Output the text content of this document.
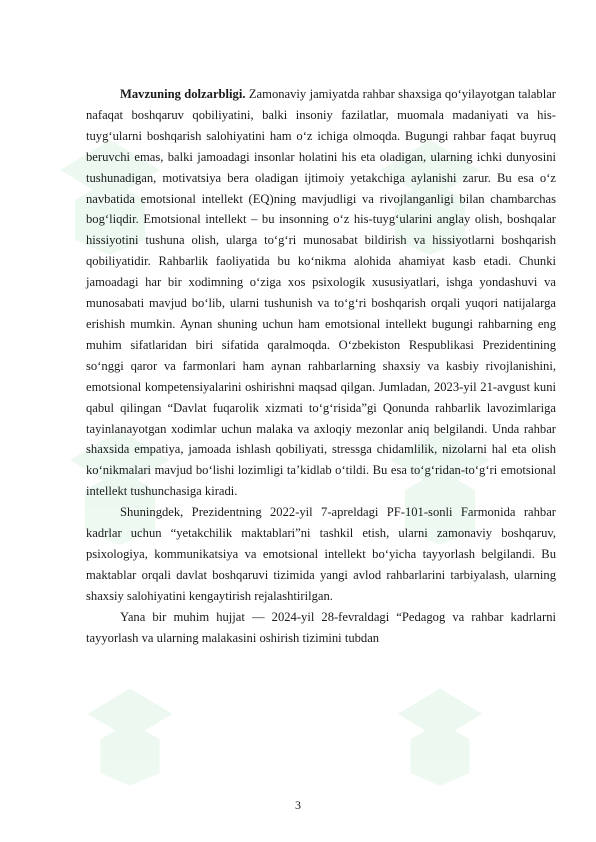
Mavzuning dolzarbligi. Zamonaviy jamiyatda rahbar shaxsiga qo‘yilayotgan talablar nafaqat boshqaruv qobiliyatini, balki insoniy fazilatlar, muomala madaniyati va his-tuyg‘ularni boshqarish salohiyatini ham o‘z ichiga olmoqda. Bugungi rahbar faqat buyruq beruvchi emas, balki jamoadagi insonlar holatini his eta oladigan, ularning ichki dunyosini tushunadigan, motivatsiya bera oladigan ijtimoiy yetakchiga aylanishi zarur. Bu esa o‘z navbatida emotsional intellekt (EQ)ning mavjudligi va rivojlanganligi bilan chambarchas bog‘liqdir. Emotsional intellekt – bu insonning o‘z his-tuyg‘ularini anglay olish, boshqalar hissiyotini tushuna olish, ularga to‘g‘ri munosabat bildirish va hissiyotlarni boshqarish qobiliyatidir. Rahbarlik faoliyatida bu ko‘nikma alohida ahamiyat kasb etadi. Chunki jamoadagi har bir xodimning o‘ziga xos psixologik xususiyatlari, ishga yondashuvi va munosabati mavjud bo‘lib, ularni tushunish va to‘g‘ri boshqarish orqali yuqori natijalarga erishish mumkin. Aynan shuning uchun ham emotsional intellekt bugungi rahbarning eng muhim sifatlaridan biri sifatida qaralmoqda. O‘zbekiston Respublikasi Prezidentining so‘nggi qaror va farmonlari ham aynan rahbarlarning shaxsiy va kasbiy rivojlanishini, emotsional kompetensiyalarini oshirishni maqsad qilgan. Jumladan, 2023-yil 21-avgust kuni qabul qilingan “Davlat fuqarolik xizmati to‘g‘risida”gi Qonunda rahbarlik lavozimlariga tayinlanayotgan xodimlar uchun malaka va axloqiy mezonlar aniq belgilandi. Unda rahbar shaxsida empatiya, jamoada ishlash qobiliyati, stressga chidamlilik, nizolarni hal eta olish ko‘nikmalari mavjud bo‘lishi lozimligi ta’kidlab o‘tildi. Bu esa to‘g‘ridan-to‘g‘ri emotsional intellekt tushunchasiga kiradi.

Shuningdek, Prezidentning 2022-yil 7-apreldagi PF-101-sonli Farmonida rahbar kadrlar uchun “yetakchilik maktablari”ni tashkil etish, ularni zamonaviy boshqaruv, psixologiya, kommunikatsiya va emotsional intellekt bo‘yicha tayyorlash belgilandi. Bu maktablar orqali davlat boshqaruvi tizimida yangi avlod rahbarlarini tarbiyalash, ularning shaxsiy salohiyatini kengaytirish rejalashtirilgan.

Yana bir muhim hujjat — 2024-yil 28-fevraldagi “Pedagog va rahbar kadrlarni tayyorlash va ularning malakasini oshirish tizimini tubdan

3
